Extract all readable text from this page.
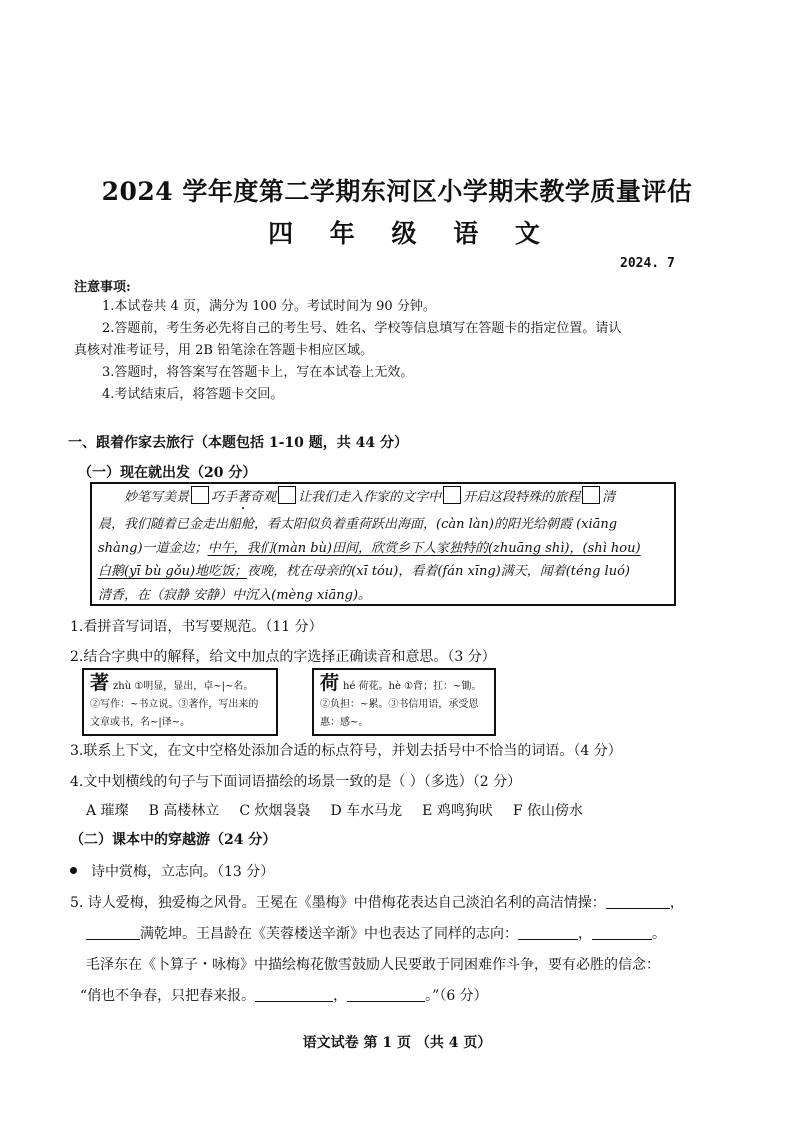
2024 学年度第二学期东河区小学期末教学质量评估
四 年 级 语 文
2024. 7
注意事项:
1.本试卷共 4 页，满分为 100 分。考试时间为 90 分钟。
2.答题前，考生务必先将自己的考生号、姓名、学校等信息填写在答题卡的指定位置。请认
真核对准考证号，用 2B 铅笔涂在答题卡相应区域。
3.答题时，将答案写在答题卡上，写在本试卷上无效。
4.考试结束后，将答题卡交回。
一、跟着作家去旅行（本题包括 1-10 题，共 44 分）
（一）现在就出发（20 分）
妙笔写美景 巧手著奇观 让我们走入作家的文字中 开启这段特殊的旅程 清
晨，我们随着已金走出船舱，看太阳似负着重荷跃出海面，(càn làn)的阳光给朝霞 (xiāng
shàng)一道金边；中午，我们(màn bù)田间，欣赏乡下人家独特的(zhuāng shì)，(shì hou)
白鹅(yī bù gǒu)地吃饭；夜晚，枕在母亲的(xī tóu)，看着(fán xīng)满天，闻着(téng luó)
清香，在（寂静 安静）中沉入(mèng xiāng)。
1.看拼音写词语，书写要规范。（11 分）
2.结合字典中的解释，给文中加点的字选择正确读音和意思。（3 分）
著zhù ①明显，显出，卓~|~名。
②写作：~书立说。③著作，写出来的
文章或书，名~|译~。
荷hé 荷花。hè ①背；扛：~锄。
②负担：~累。③书信用语，承受恩
惠：感~。
3.联系上下文，在文中空格处添加合适的标点符号，并划去括号中不恰当的词语。（4 分）
4.文中划横线的句子与下面词语描绘的场景一致的是（ ）（多选）（2 分）
A 璀璨 B 高楼林立 C 炊烟袅袅 D 车水马龙 E 鸡鸣狗吠 F 依山傍水
（二）课本中的穿越游（24 分）
诗中赏梅，立志向。（13 分）
5. 诗人爱梅，独爱梅之风骨。王冕在《墨梅》中借梅花表达自己淡泊名利的高洁情操：	，
满乾坤。王昌龄在《芙蓉楼送辛渐》中也表达了同样的志向：	，	。
毛泽东在《卜算子・咏梅》中描绘梅花傲雪鼓励人民要敢于同困难作斗争，要有必胜的信念：
“俏也不争春，只把春来报。	，	。”（6 分）
语文试卷 第 1 页 （共 4 页）
